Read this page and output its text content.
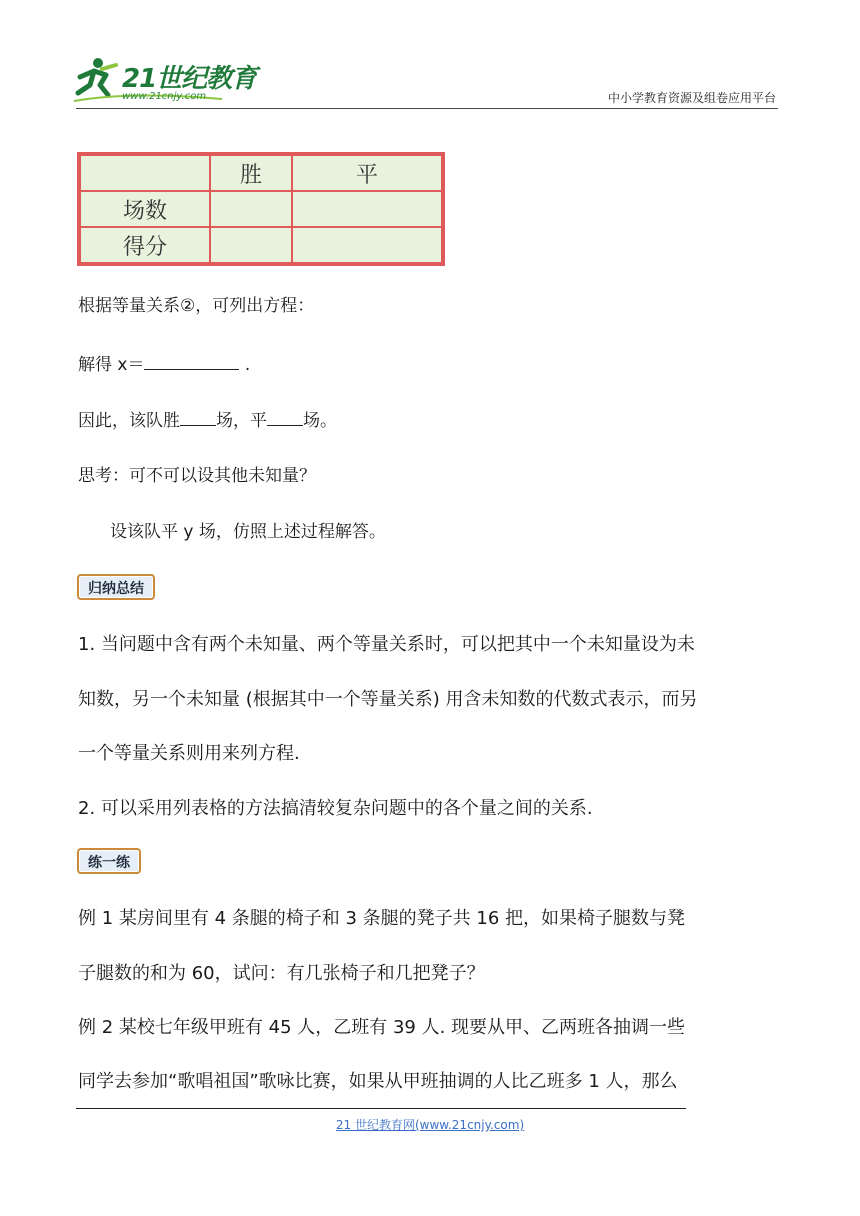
21世纪教育
www.21cnjy.com	中小学教育资源及组卷应用平台
	胜	平
场数		
得分		
根据等量关系②，可列出方程：
解得 x＝	.
因此，该队胜 场，平 场。
思考：可不可以设其他未知量？
设该队平 y 场，仿照上述过程解答。
归纳总结
1. 当问题中含有两个未知量、两个等量关系时，可以把其中一个未知量设为未
知数，另一个未知量 (根据其中一个等量关系) 用含未知数的代数式表示，而另
一个等量关系则用来列方程.
2. 可以采用列表格的方法搞清较复杂问题中的各个量之间的关系.
练一练
例 1 某房间里有 4 条腿的椅子和 3 条腿的凳子共 16 把，如果椅子腿数与凳
子腿数的和为 60，试问：有几张椅子和几把凳子？
例 2 某校七年级甲班有 45 人，乙班有 39 人. 现要从甲、乙两班各抽调一些
同学去参加“歌唱祖国”歌咏比赛，如果从甲班抽调的人比乙班多 1 人，那么
21 世纪教育网(www.21cnjy.com)
